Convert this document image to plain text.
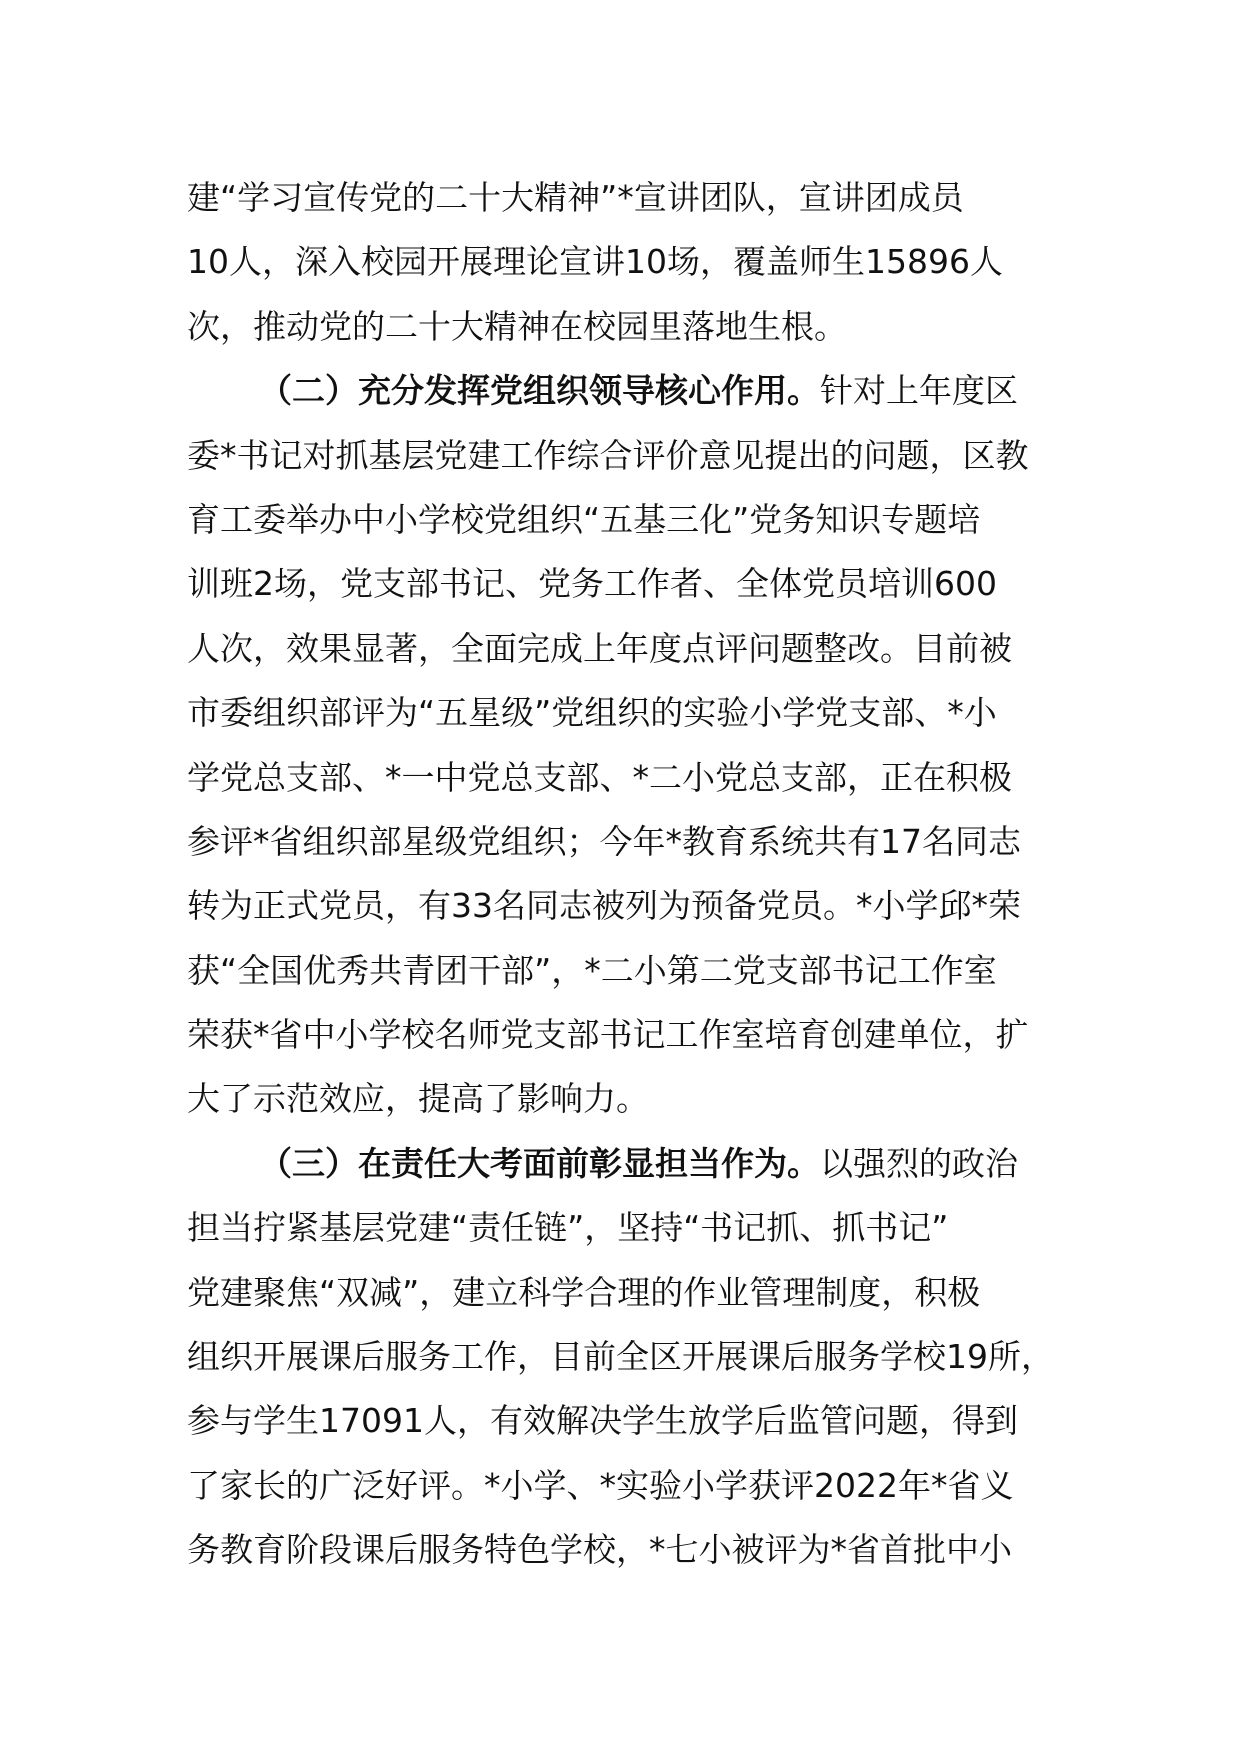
建“学习宣传党的二十大精神”*宣讲团队，宣讲团成员
10人，深入校园开展理论宣讲10场，覆盖师生15896人
次，推动党的二十大精神在校园里落地生根。
（二）充分发挥党组织领导核心作用。针对上年度区
委*书记对抓基层党建工作综合评价意见提出的问题，区教
育工委举办中小学校党组织“五基三化”党务知识专题培
训班2场，党支部书记、党务工作者、全体党员培训600
人次，效果显著，全面完成上年度点评问题整改。目前被
市委组织部评为“五星级”党组织的实验小学党支部、*小
学党总支部、*一中党总支部、*二小党总支部，正在积极
参评*省组织部星级党组织；今年*教育系统共有17名同志
转为正式党员，有33名同志被列为预备党员。*小学邱*荣
获“全国优秀共青团干部”，*二小第二党支部书记工作室
荣获*省中小学校名师党支部书记工作室培育创建单位，扩
大了示范效应，提高了影响力。
（三）在责任大考面前彰显担当作为。以强烈的政治
担当拧紧基层党建“责任链”，坚持“书记抓、抓书记”
党建聚焦“双减”，建立科学合理的作业管理制度，积极
组织开展课后服务工作，目前全区开展课后服务学校19所，
参与学生17091人，有效解决学生放学后监管问题，得到
了家长的广泛好评。*小学、*实验小学获评2022年*省义
务教育阶段课后服务特色学校，*七小被评为*省首批中小
